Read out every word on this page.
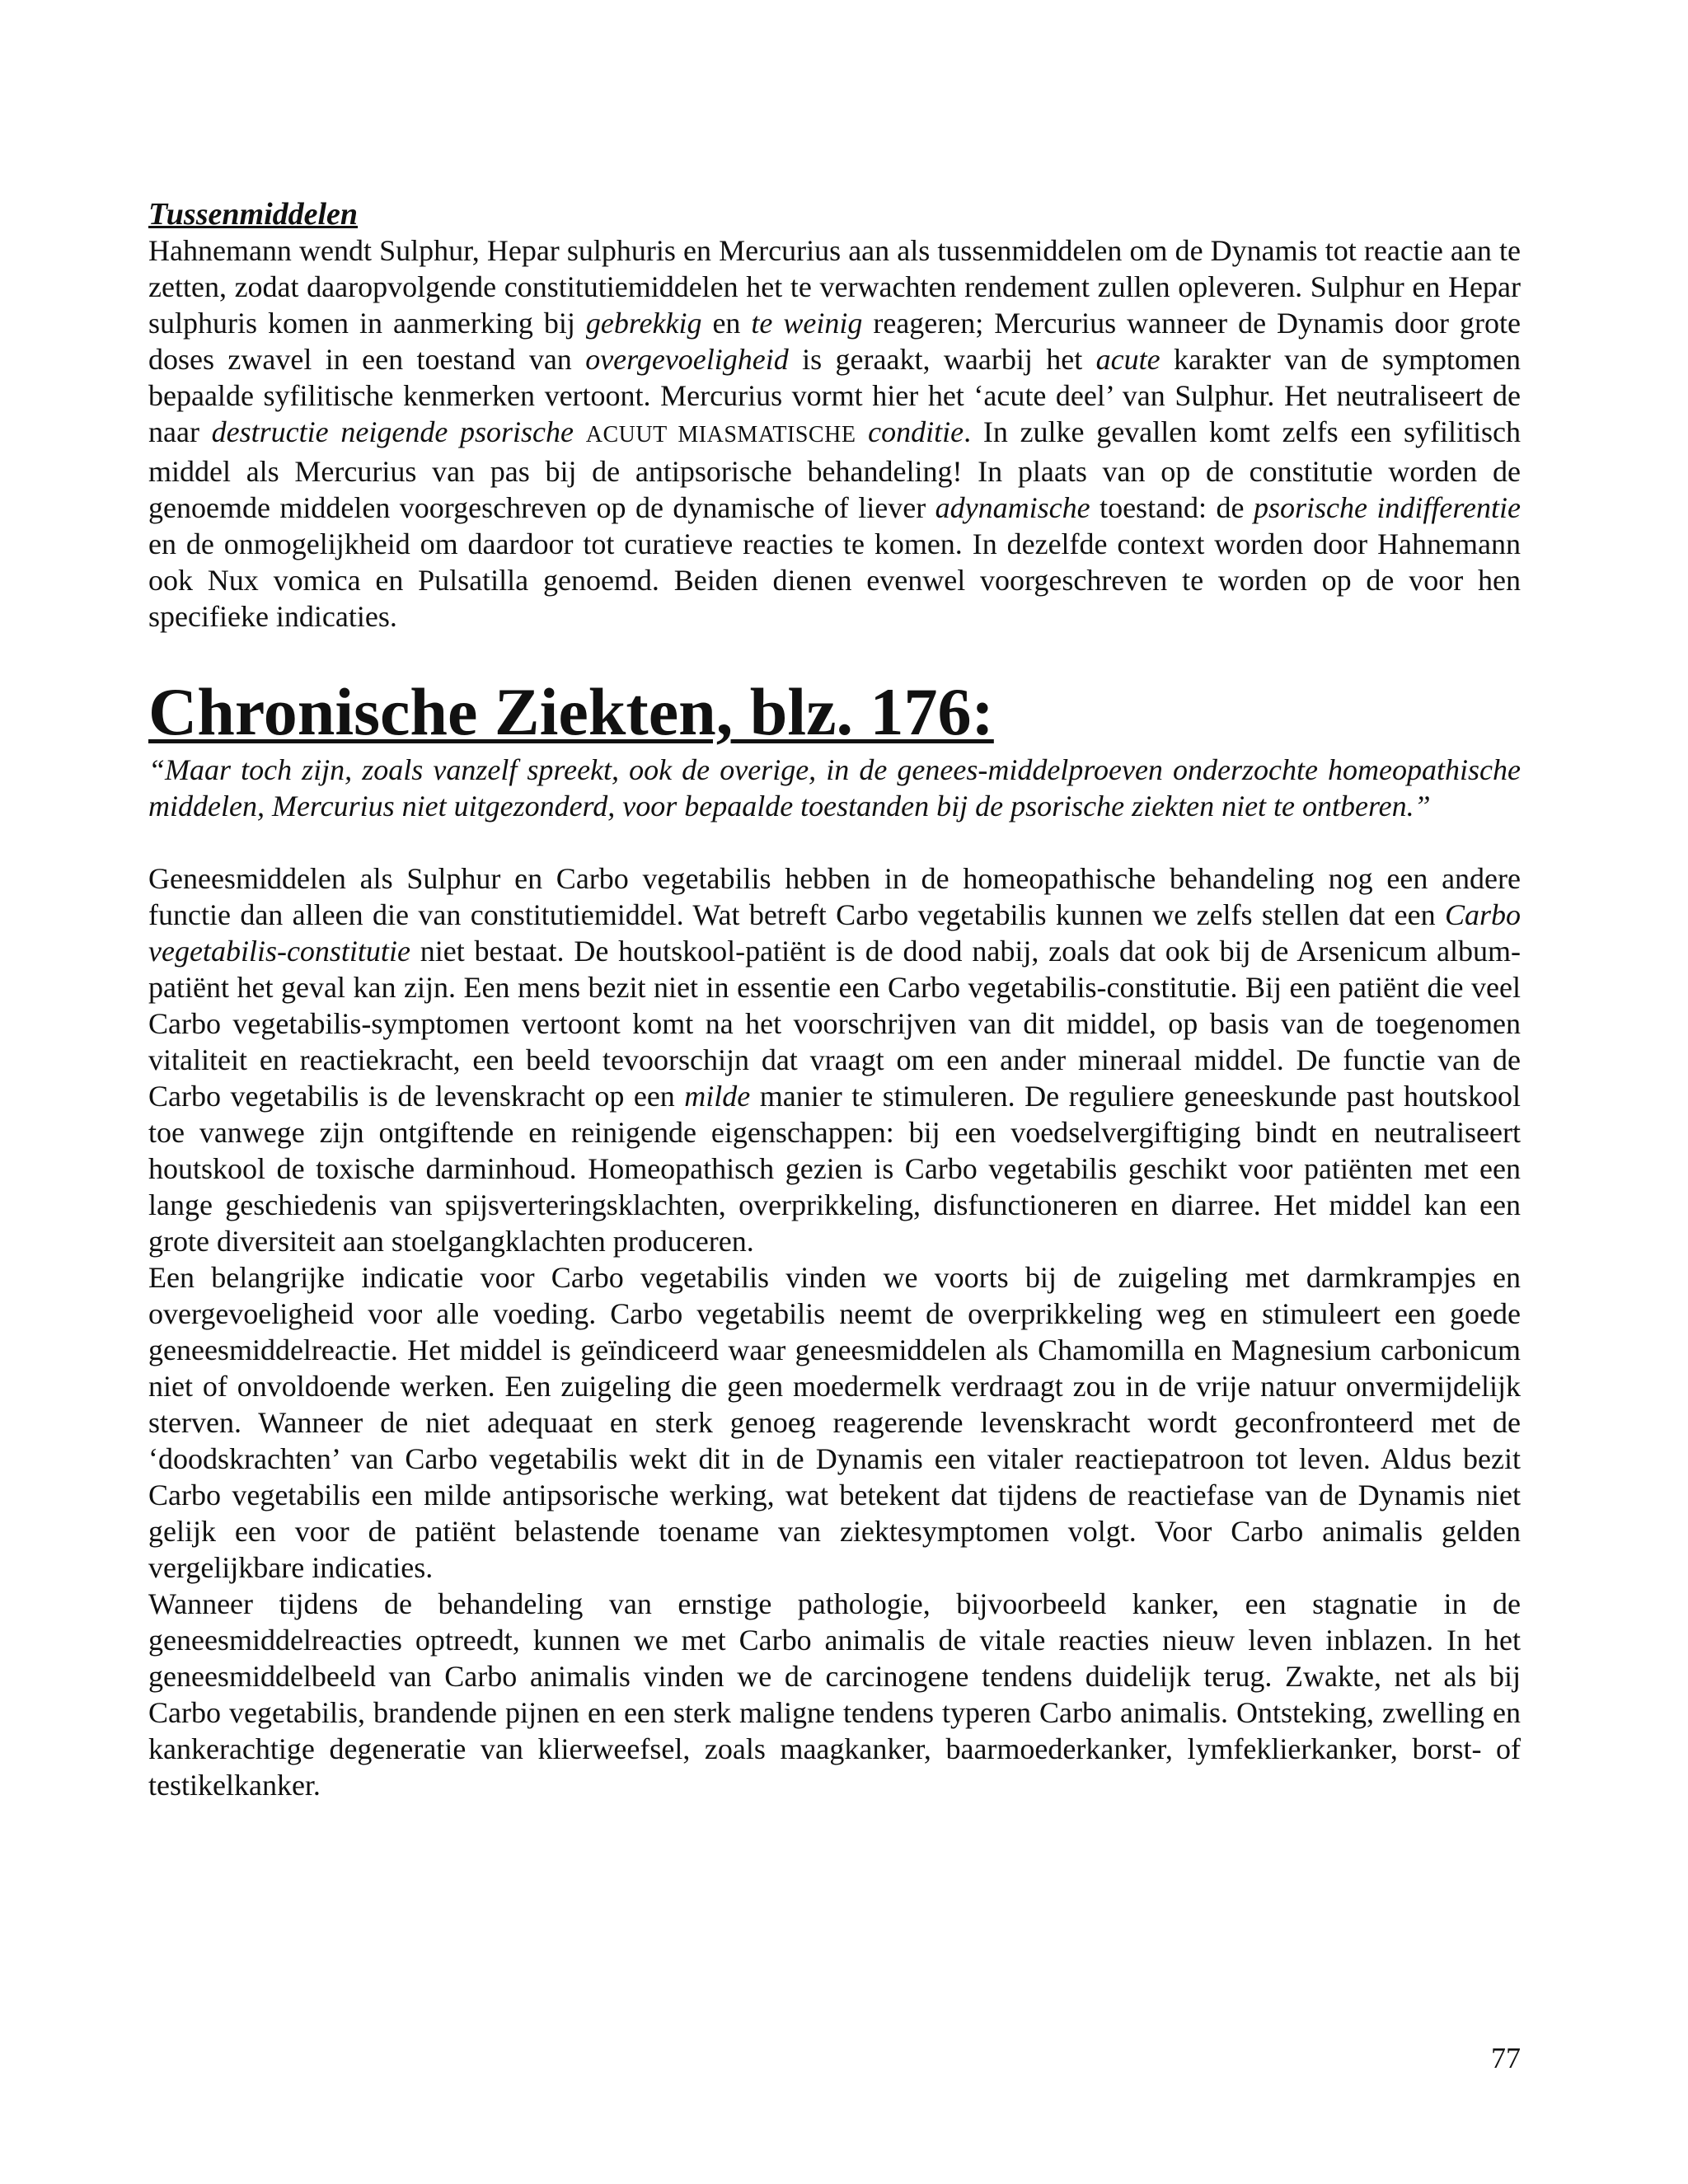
Tussenmiddelen

Hahnemann wendt Sulphur, Hepar sulphuris en Mercurius aan als tussenmiddelen om de Dynamis tot reactie aan te zetten, zodat daaropvolgende constitutiemiddelen het te verwachten rendement zullen opleveren. Sulphur en Hepar sulphuris komen in aanmerking bij gebrekkig en te weinig reageren; Mercurius wanneer de Dynamis door grote doses zwavel in een toestand van overgevoeligheid is geraakt, waarbij het acute karakter van de symptomen bepaalde syfilitische kenmerken vertoont. Mercurius vormt hier het ‘acute deel’ van Sulphur. Het neutraliseert de naar destructie neigende psorische ACUUT MIASMATISCHE conditie. In zulke gevallen komt zelfs een syfilitisch middel als Mercurius van pas bij de antipsorische behandeling! In plaats van op de constitutie worden de genoemde middelen voorgeschreven op de dynamische of liever adynamische toestand: de psorische indifferentie en de onmogelijkheid om daardoor tot curatieve reacties te komen. In dezelfde context worden door Hahnemann ook Nux vomica en Pulsatilla genoemd. Beiden dienen evenwel voorgeschreven te worden op de voor hen specifieke indicaties.

Chronische Ziekten, blz. 176:
“Maar toch zijn, zoals vanzelf spreekt, ook de overige, in de genees-middelproeven onderzochte homeopathische middelen, Mercurius niet uitgezonderd, voor bepaalde toestanden bij de psorische ziekten niet te ontberen.”

Geneesmiddelen als Sulphur en Carbo vegetabilis hebben in de homeopathische behandeling nog een andere functie dan alleen die van constitutiemiddel. Wat betreft Carbo vegetabilis kunnen we zelfs stellen dat een Carbo vegetabilis-constitutie niet bestaat. De houtskool-patiënt is de dood nabij, zoals dat ook bij de Arsenicum album-patiënt het geval kan zijn. Een mens bezit niet in essentie een Carbo vegetabilis-constitutie. Bij een patiënt die veel Carbo vegetabilis-symptomen vertoont komt na het voorschrijven van dit middel, op basis van de toegenomen vitaliteit en reactiekracht, een beeld tevoorschijn dat vraagt om een ander mineraal middel. De functie van de Carbo vegetabilis is de levenskracht op een milde manier te stimuleren. De reguliere geneeskunde past houtskool toe vanwege zijn ontgiftende en reinigende eigenschappen: bij een voedselvergiftiging bindt en neutraliseert houtskool de toxische darminhoud. Homeopathisch gezien is Carbo vegetabilis geschikt voor patiënten met een lange geschiedenis van spijsverteringsklachten, overprikkeling, disfunctioneren en diarree. Het middel kan een grote diversiteit aan stoelgangklachten produceren.

Een belangrijke indicatie voor Carbo vegetabilis vinden we voorts bij de zuigeling met darmkrampjes en overgevoeligheid voor alle voeding. Carbo vegetabilis neemt de overprikkeling weg en stimuleert een goede geneesmiddelreactie. Het middel is geïndiceerd waar geneesmiddelen als Chamomilla en Magnesium carbonicum niet of onvoldoende werken. Een zuigeling die geen moedermelk verdraagt zou in de vrije natuur onvermijdelijk sterven. Wanneer de niet adequaat en sterk genoeg reagerende levenskracht wordt geconfronteerd met de ‘doodskrachten’ van Carbo vegetabilis wekt dit in de Dynamis een vitaler reactiepatroon tot leven. Aldus bezit Carbo vegetabilis een milde antipsorische werking, wat betekent dat tijdens de reactiefase van de Dynamis niet gelijk een voor de patiënt belastende toename van ziektesymptomen volgt. Voor Carbo animalis gelden vergelijkbare indicaties.

Wanneer tijdens de behandeling van ernstige pathologie, bijvoorbeeld kanker, een stagnatie in de geneesmiddelreacties optreedt, kunnen we met Carbo animalis de vitale reacties nieuw leven inblazen. In het geneesmiddelbeeld van Carbo animalis vinden we de carcinogene tendens duidelijk terug. Zwakte, net als bij Carbo vegetabilis, brandende pijnen en een sterk maligne tendens typeren Carbo animalis. Ontsteking, zwelling en kankerachtige degeneratie van klierweefsel, zoals maagkanker, baarmoederkanker, lymfeklierkanker, borst- of testikelkanker.

77
